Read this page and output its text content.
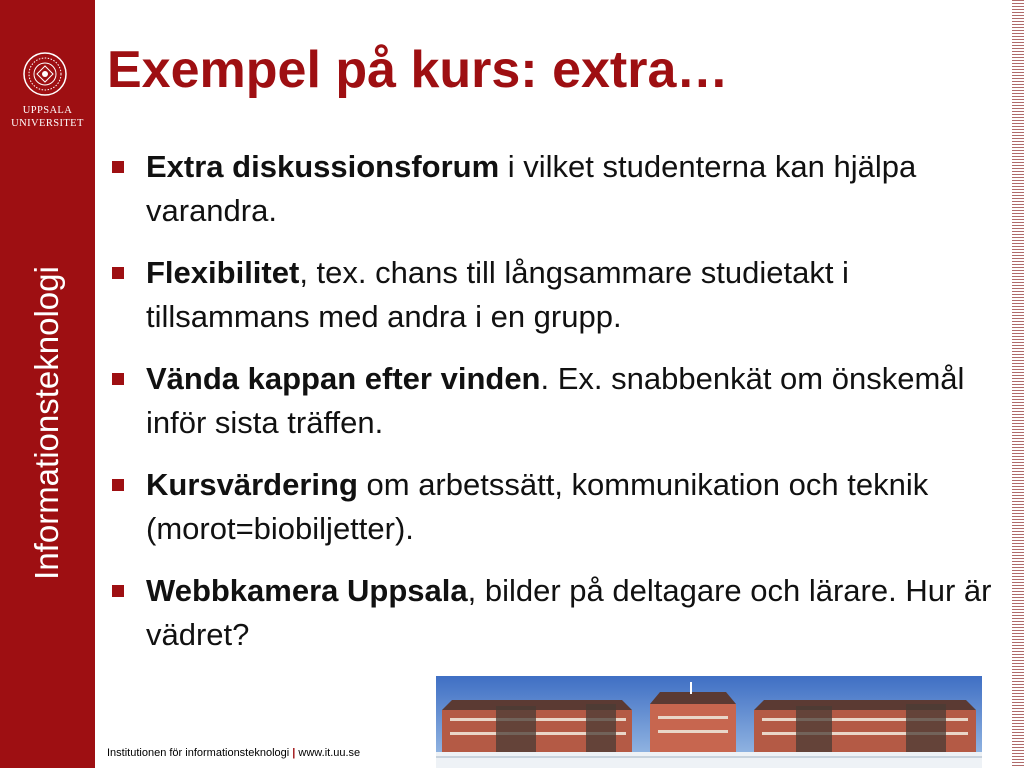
UPPSALA
UNIVERSITET
Informationsteknologi
Exempel på kurs: extra…
Extra diskussionsforum i vilket studenterna kan hjälpa varandra.
Flexibilitet, tex. chans till långsammare studietakt i tillsammans med andra i en grupp.
Vända kappan efter vinden. Ex. snabbenkät om önskemål inför sista träffen.
Kursvärdering om arbetssätt, kommunikation och teknik (morot=biobiljetter).
Webbkamera Uppsala, bilder på deltagare och lärare. Hur är vädret?
Institutionen för informationsteknologi | www.it.uu.se
